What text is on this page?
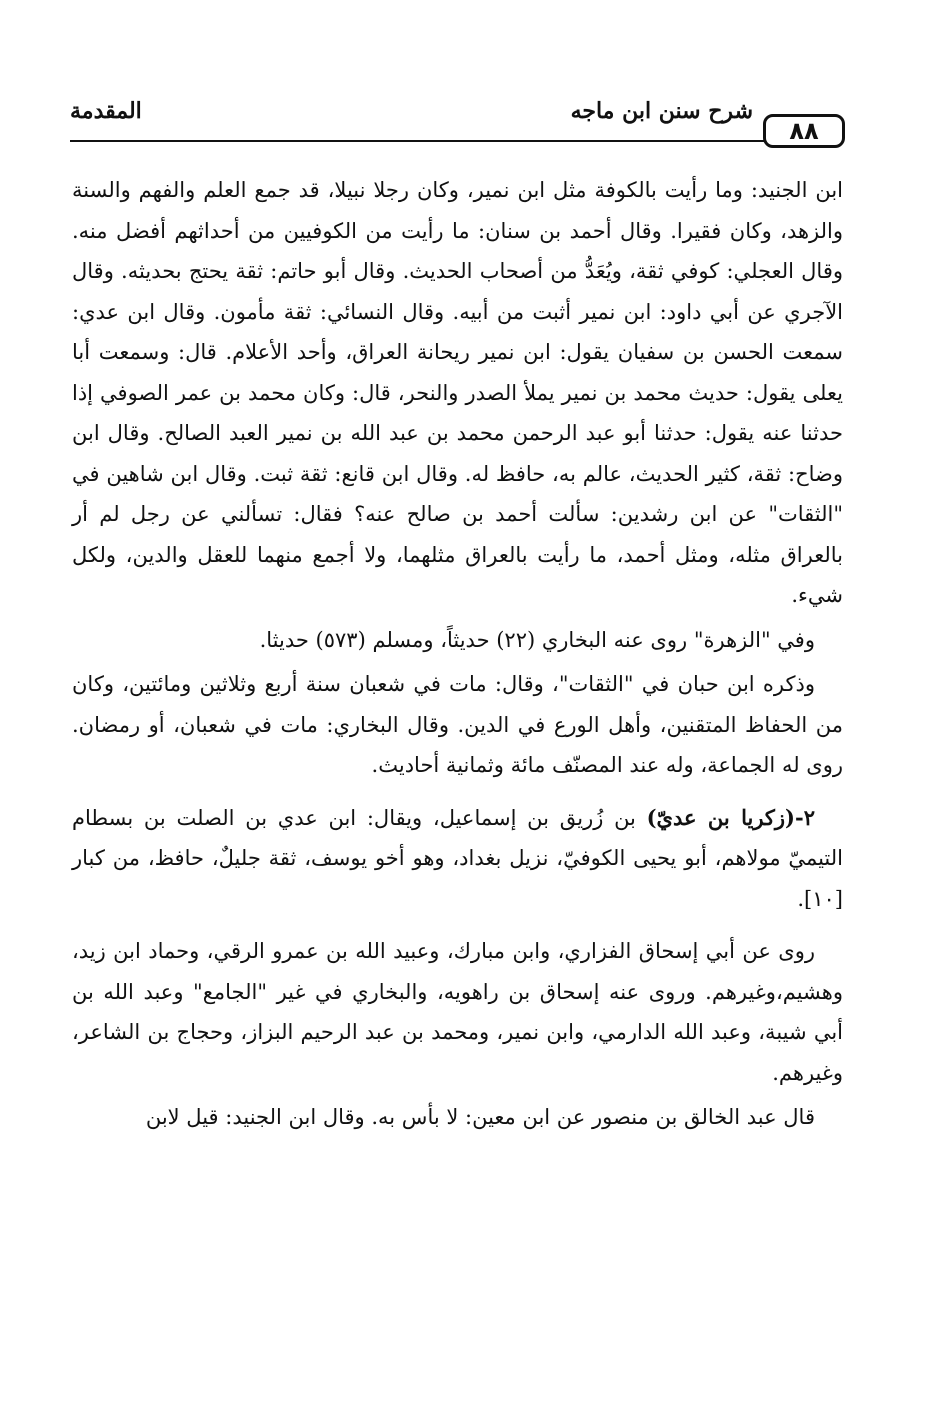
المقدمة	شرح سنن ابن ماجه
٨٨

ابن الجنيد: وما رأيت بالكوفة مثل ابن نمير، وكان رجلا نبيلا، قد جمع العلم والفهم والسنة والزهد، وكان فقيرا. وقال أحمد بن سنان: ما رأيت من الكوفيين من أحداثهم أفضل منه. وقال العجلي: كوفي ثقة، ويُعَدُّ من أصحاب الحديث. وقال أبو حاتم: ثقة يحتج بحديثه. وقال الآجري عن أبي داود: ابن نمير أثبت من أبيه. وقال النسائي: ثقة مأمون. وقال ابن عدي: سمعت الحسن بن سفيان يقول: ابن نمير ريحانة العراق، وأحد الأعلام. قال: وسمعت أبا يعلى يقول: حديث محمد بن نمير يملأ الصدر والنحر، قال: وكان محمد بن عمر الصوفي إذا حدثنا عنه يقول: حدثنا أبو عبد الرحمن محمد بن عبد الله بن نمير العبد الصالح. وقال ابن وضاح: ثقة، كثير الحديث، عالم به، حافظ له. وقال ابن قانع: ثقة ثبت. وقال ابن شاهين في "الثقات" عن ابن رشدين: سألت أحمد بن صالح عنه؟ فقال: تسألني عن رجل لم أر بالعراق مثله، ومثل أحمد، ما رأيت بالعراق مثلهما، ولا أجمع منهما للعقل والدين، ولكل شيء.

وفي "الزهرة" روى عنه البخاري (٢٢) حديثاً، ومسلم (٥٧٣) حديثا.

وذكره ابن حبان في "الثقات"، وقال: مات في شعبان سنة أربع وثلاثين ومائتين، وكان من الحفاظ المتقنين، وأهل الورع في الدين. وقال البخاري: مات في شعبان، أو رمضان. روى له الجماعة، وله عند المصنّف مائة وثمانية أحاديث.

٢-(زكريا بن عديّ) بن زُريق بن إسماعيل، ويقال: ابن عدي بن الصلت بن بسطام التيميّ مولاهم، أبو يحيى الكوفيّ، نزيل بغداد، وهو أخو يوسف، ثقة جليلٌ، حافظ، من كبار [١٠].

روى عن أبي إسحاق الفزاري، وابن مبارك، وعبيد الله بن عمرو الرقي، وحماد ابن زيد، وهشيم،وغيرهم. وروى عنه إسحاق بن راهويه، والبخاري في غير "الجامع" وعبد الله بن أبي شيبة، وعبد الله الدارمي، وابن نمير، ومحمد بن عبد الرحيم البزاز، وحجاج بن الشاعر، وغيرهم.

قال عبد الخالق بن منصور عن ابن معين: لا بأس به. وقال ابن الجنيد: قيل لابن
